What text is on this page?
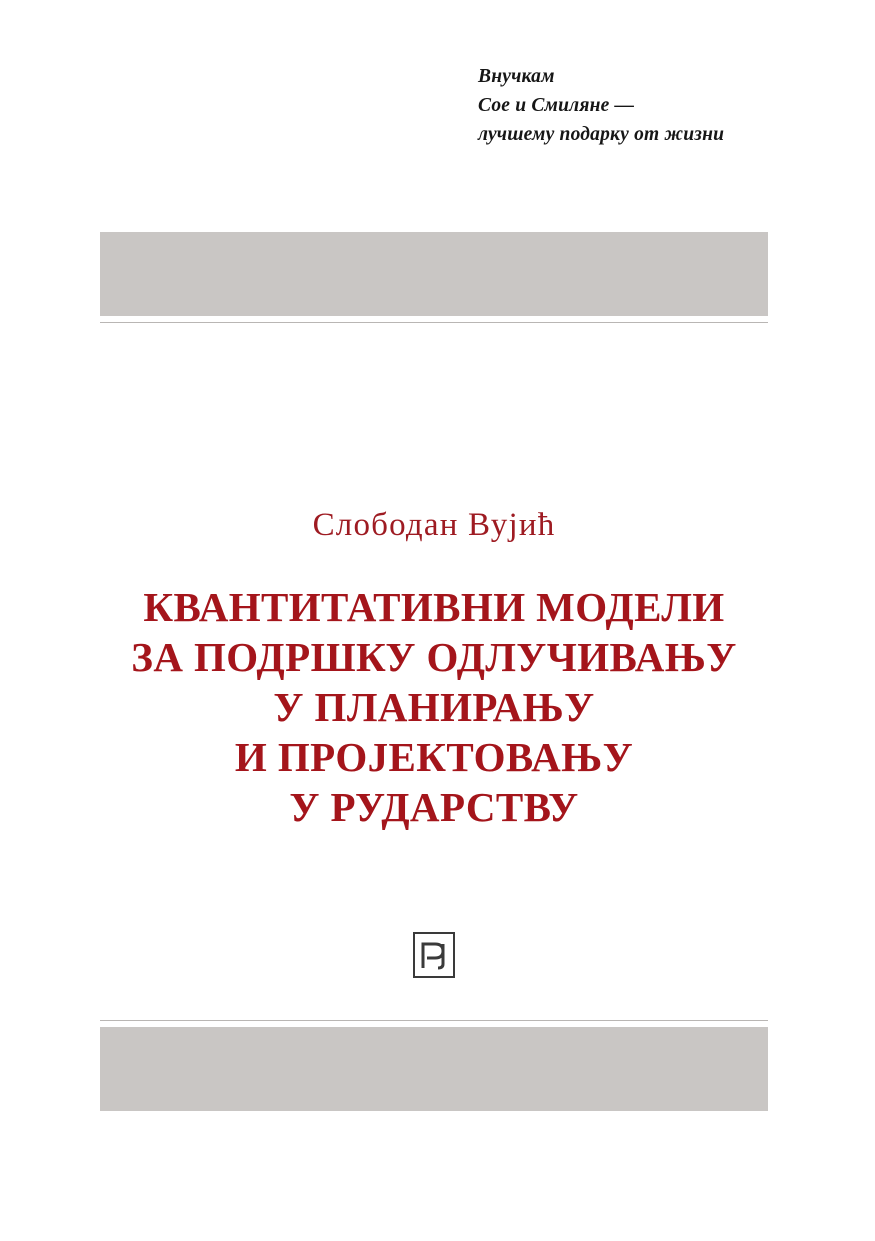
Внучкам
Сое и Смиляне —
лучшему подарку от жизни
Слободан Вујић
КВАНТИТАТИВНИ МОДЕЛИ
ЗА ПОДРШКУ ОДЛУЧИВАЊУ
У ПЛАНИРАЊУ
И ПРОЈЕКТОВАЊУ
У РУДАРСТВУ
